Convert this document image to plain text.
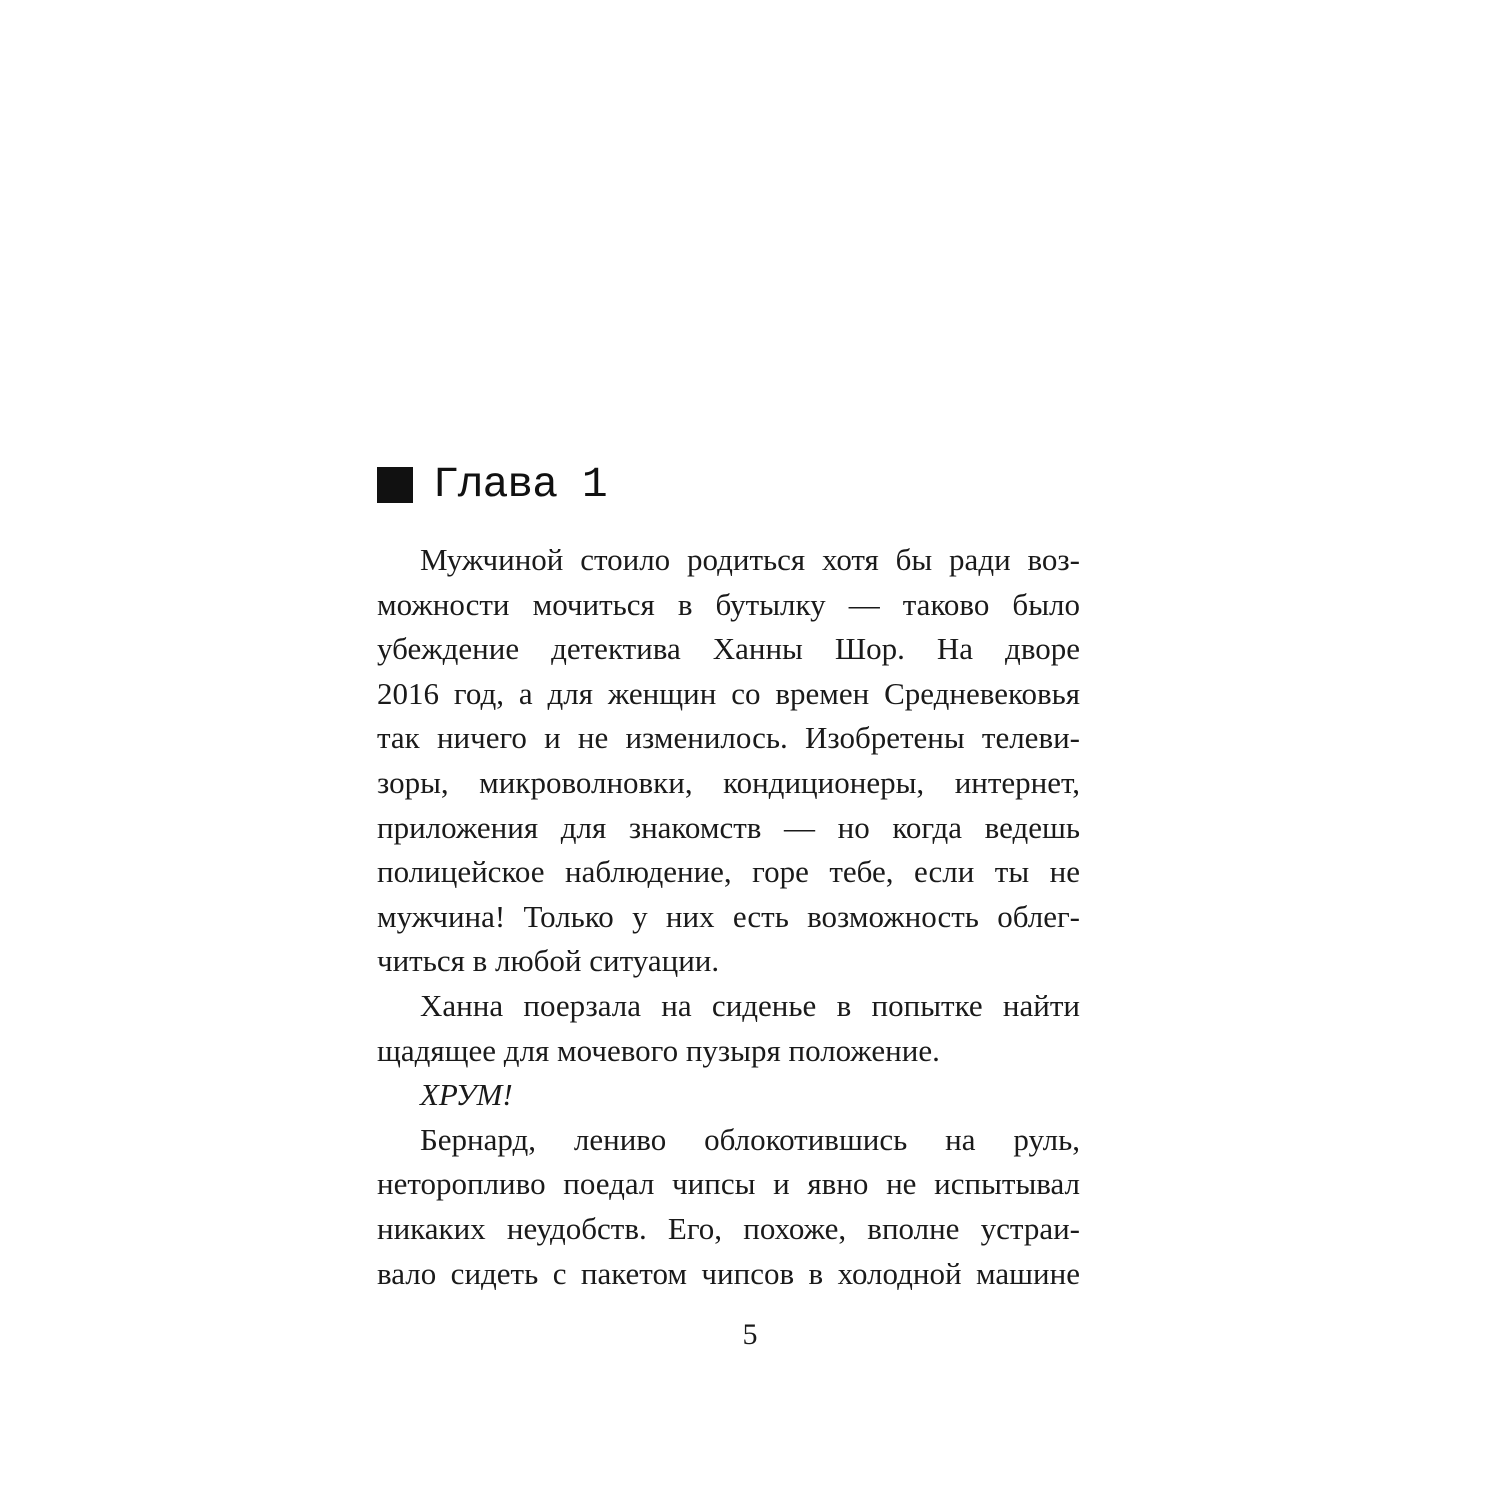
Глава 1
Мужчиной стоило родиться хотя бы ради воз-
можности мочиться в бутылку — таково было
убеждение детектива Ханны Шор. На дворе
2016 год, а для женщин со времен Средневековья
так ничего и не изменилось. Изобретены телеви-
зоры, микроволновки, кондиционеры, интернет,
приложения для знакомств — но когда ведешь
полицейское наблюдение, горе тебе, если ты не
мужчина! Только у них есть возможность облег-
читься в любой ситуации.
Ханна поерзала на сиденье в попытке найти
щадящее для мочевого пузыря положение.
ХРУМ!
Бернард, лениво облокотившись на руль,
неторопливо поедал чипсы и явно не испытывал
никаких неудобств. Его, похоже, вполне устраи-
вало сидеть с пакетом чипсов в холодной машине
5
